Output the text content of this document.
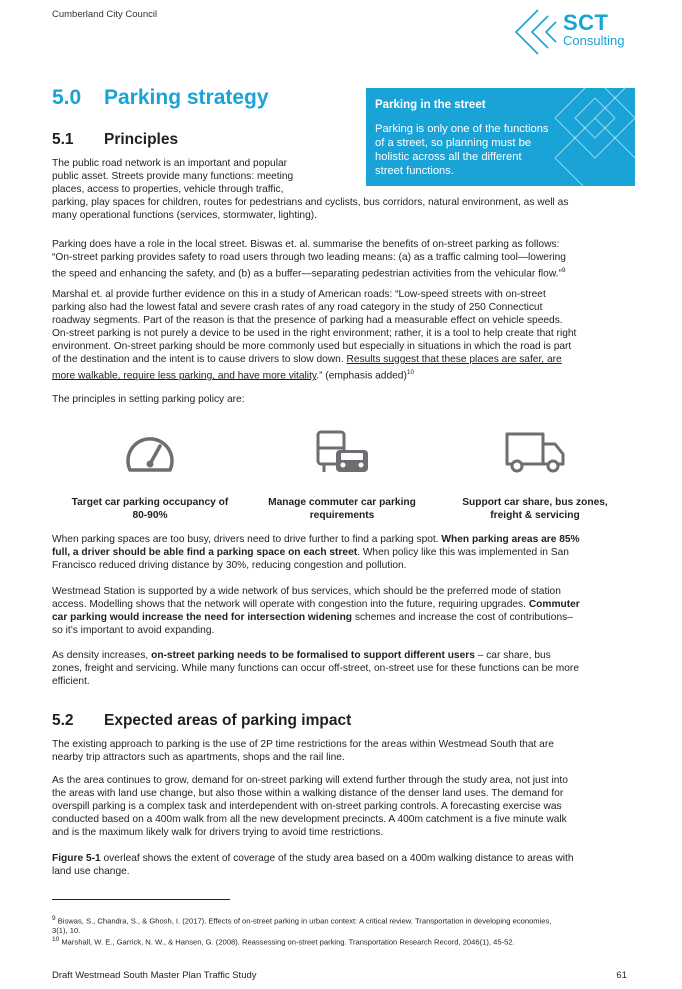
Cumberland City Council	SCT
Consulting
5.0 Parking strategy	Parking in the street
Parking is only one of the functions of a street, so planning must be holistic across all the different street functions.
5.1 Principles
The public road network is an important and popular
public asset. Streets provide many functions: meeting
places, access to properties, vehicle through traffic,
parking, play spaces for children, routes for pedestrians and cyclists, bus corridors, natural environment, as well as
many operational functions (services, stormwater, lighting).
Parking does have a role in the local street. Biswas et. al. summarise the benefits of on-street parking as follows:
“On-street parking provides safety to road users through two leading means: (a) as a traffic calming tool—lowering
the speed and enhancing the safety, and (b) as a buffer—separating pedestrian activities from the vehicular flow.”$^9$
Marshal et. al provide further evidence on this in a study of American roads: “Low-speed streets with on-street
parking also had the lowest fatal and severe crash rates of any road category in the study of 250 Connecticut
roadway segments. Part of the reason is that the presence of parking had a measurable effect on vehicle speeds.
On-street parking is not purely a device to be used in the right environment; rather, it is a tool to help create that right
environment. On-street parking should be more commonly used but especially in situations in which the road is part
of the destination and the intent is to cause drivers to slow down. Results suggest that these places are safer, are
more walkable, require less parking, and have more vitality.” (emphasis added)$^{10}$
The principles in setting parking policy are:
Target car parking occupancy of
80-90%
Manage commuter car parking
requirements
Support car share, bus zones,
freight & servicing
When parking spaces are too busy, drivers need to drive further to find a parking spot. When parking areas are 85%
full, a driver should be able find a parking space on each street. When policy like this was implemented in San
Francisco reduced driving distance by 30%, reducing congestion and pollution.
Westmead Station is supported by a wide network of bus services, which should be the preferred mode of station
access. Modelling shows that the network will operate with congestion into the future, requiring upgrades. Commuter
car parking would increase the need for intersection widening schemes and increase the cost of contributions–
so it’s important to avoid expanding.
As density increases, on-street parking needs to be formalised to support different users – car share, bus
zones, freight and servicing. While many functions can occur off-street, on-street use for these functions can be more
efficient.
5.2 Expected areas of parking impact
The existing approach to parking is the use of 2P time restrictions for the areas within Westmead South that are
nearby trip attractors such as apartments, shops and the rail line.
As the area continues to grow, demand for on-street parking will extend further through the study area, not just into
the areas with land use change, but also those within a walking distance of the denser land uses. The demand for
overspill parking is a complex task and interdependent with on-street parking controls. A forecasting exercise was
conducted based on a 400m walk from all the new development precincts. A 400m catchment is a five minute walk
and is the maximum likely walk for drivers trying to avoid time restrictions.
Figure 5-1 overleaf shows the extent of coverage of the study area based on a 400m walking distance to areas with
land use change.
$^9$ Biswas, S., Chandra, S., & Ghosh, I. (2017). Effects of on-street parking in urban context: A critical review. Transportation in developing economies,
3(1), 10.
$^{10}$ Marshall, W. E., Garrick, N. W., & Hansen, G. (2008). Reassessing on-street parking. Transportation Research Record, 2046(1), 45-52.
Draft Westmead South Master Plan Traffic Study	61
